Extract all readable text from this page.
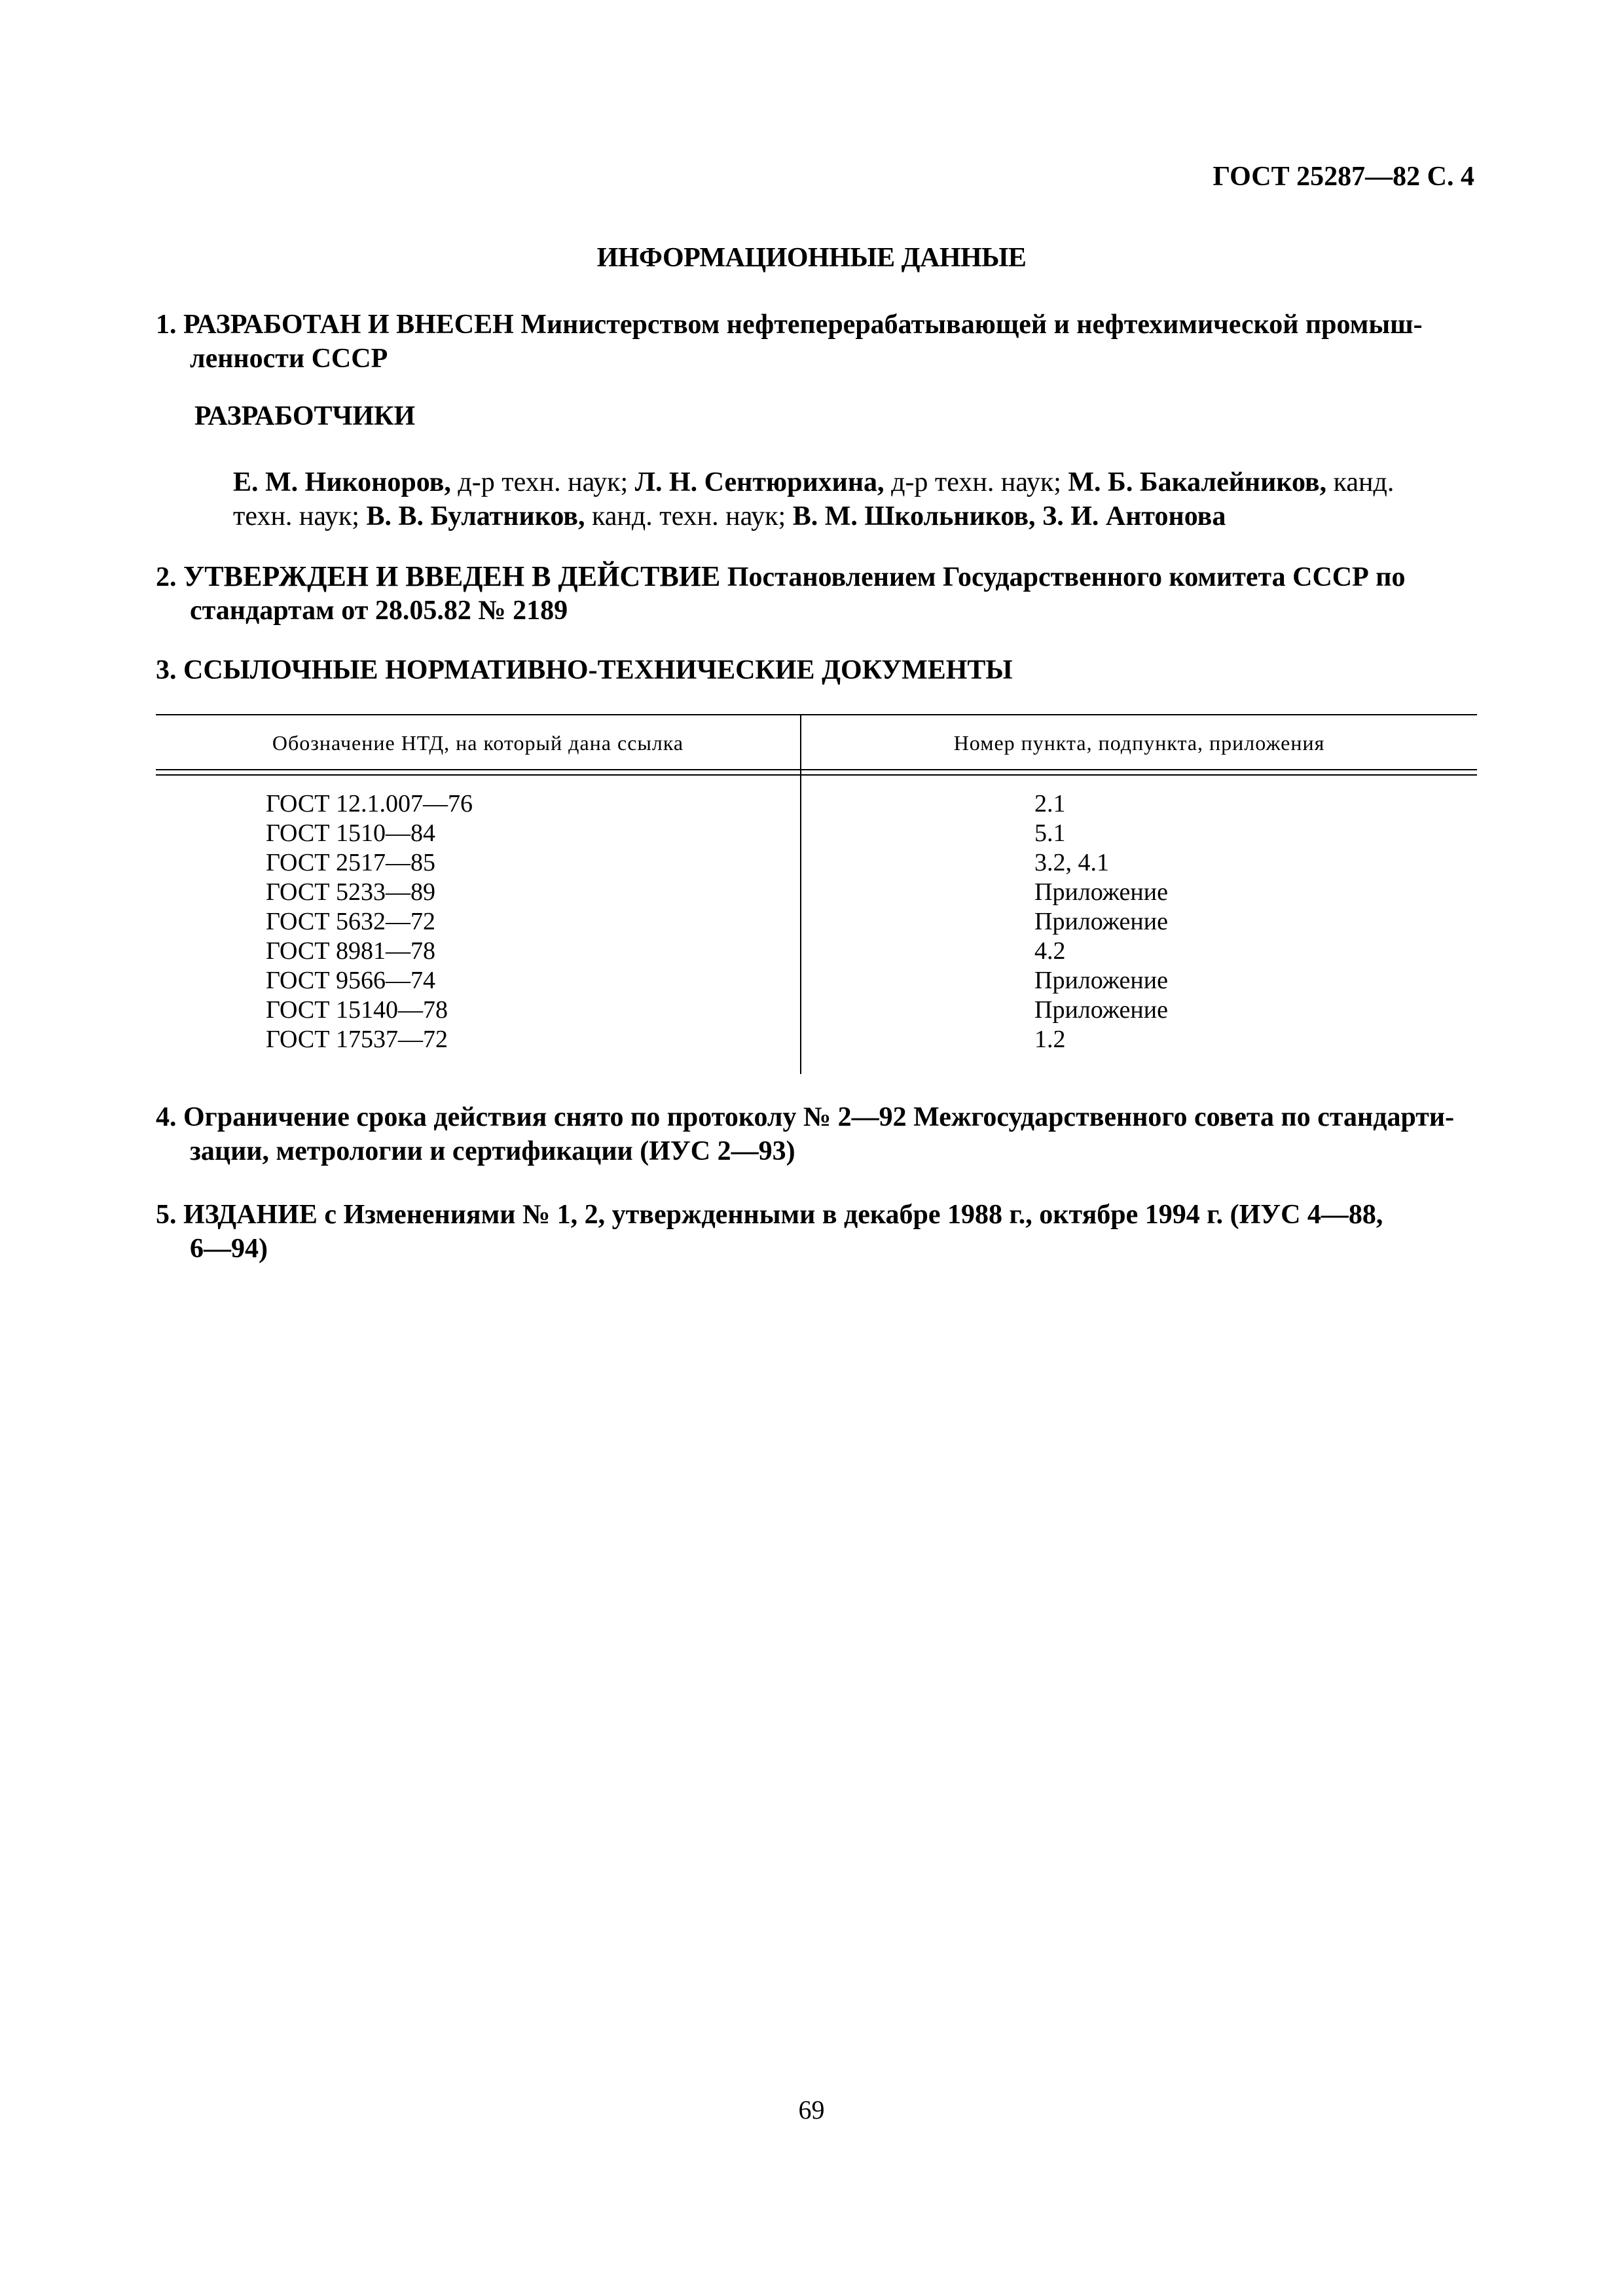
ГОСТ 25287—82 С. 4
ИНФОРМАЦИОННЫЕ ДАННЫЕ
1. РАЗРАБОТАН И ВНЕСЕН Министерством нефтеперерабатывающей и нефтехимической промыш-
ленности СССР
РАЗРАБОТЧИКИ
Е. М. Никоноров, д-р техн. наук; Л. Н. Сентюрихина, д-р техн. наук; М. Б. Бакалейников, канд.
техн. наук; В. В. Булатников, канд. техн. наук; В. М. Школьников, З. И. Антонова
2. УТВЕРЖДЕН И ВВЕДЕН В ДЕЙСТВИЕ Постановлением Государственного комитета СССР по
стандартам от 28.05.82 № 2189
3. ССЫЛОЧНЫЕ НОРМАТИВНО-ТЕХНИЧЕСКИЕ ДОКУМЕНТЫ
Обозначение НТД, на который дана ссылка	Номер пункта, подпункта, приложения
ГОСТ 12.1.007—76
ГОСТ 1510—84
ГОСТ 2517—85
ГОСТ 5233—89
ГОСТ 5632—72
ГОСТ 8981—78
ГОСТ 9566—74
ГОСТ 15140—78
ГОСТ 17537—72
2.1
5.1
3.2, 4.1
Приложение
Приложение
4.2
Приложение
Приложение
1.2
4. Ограничение срока действия снято по протоколу № 2—92 Межгосударственного совета по стандарти-
зации, метрологии и сертификации (ИУС 2—93)
5. ИЗДАНИЕ с Изменениями № 1, 2, утвержденными в декабре 1988 г., октябре 1994 г. (ИУС 4—88,
6—94)
69
